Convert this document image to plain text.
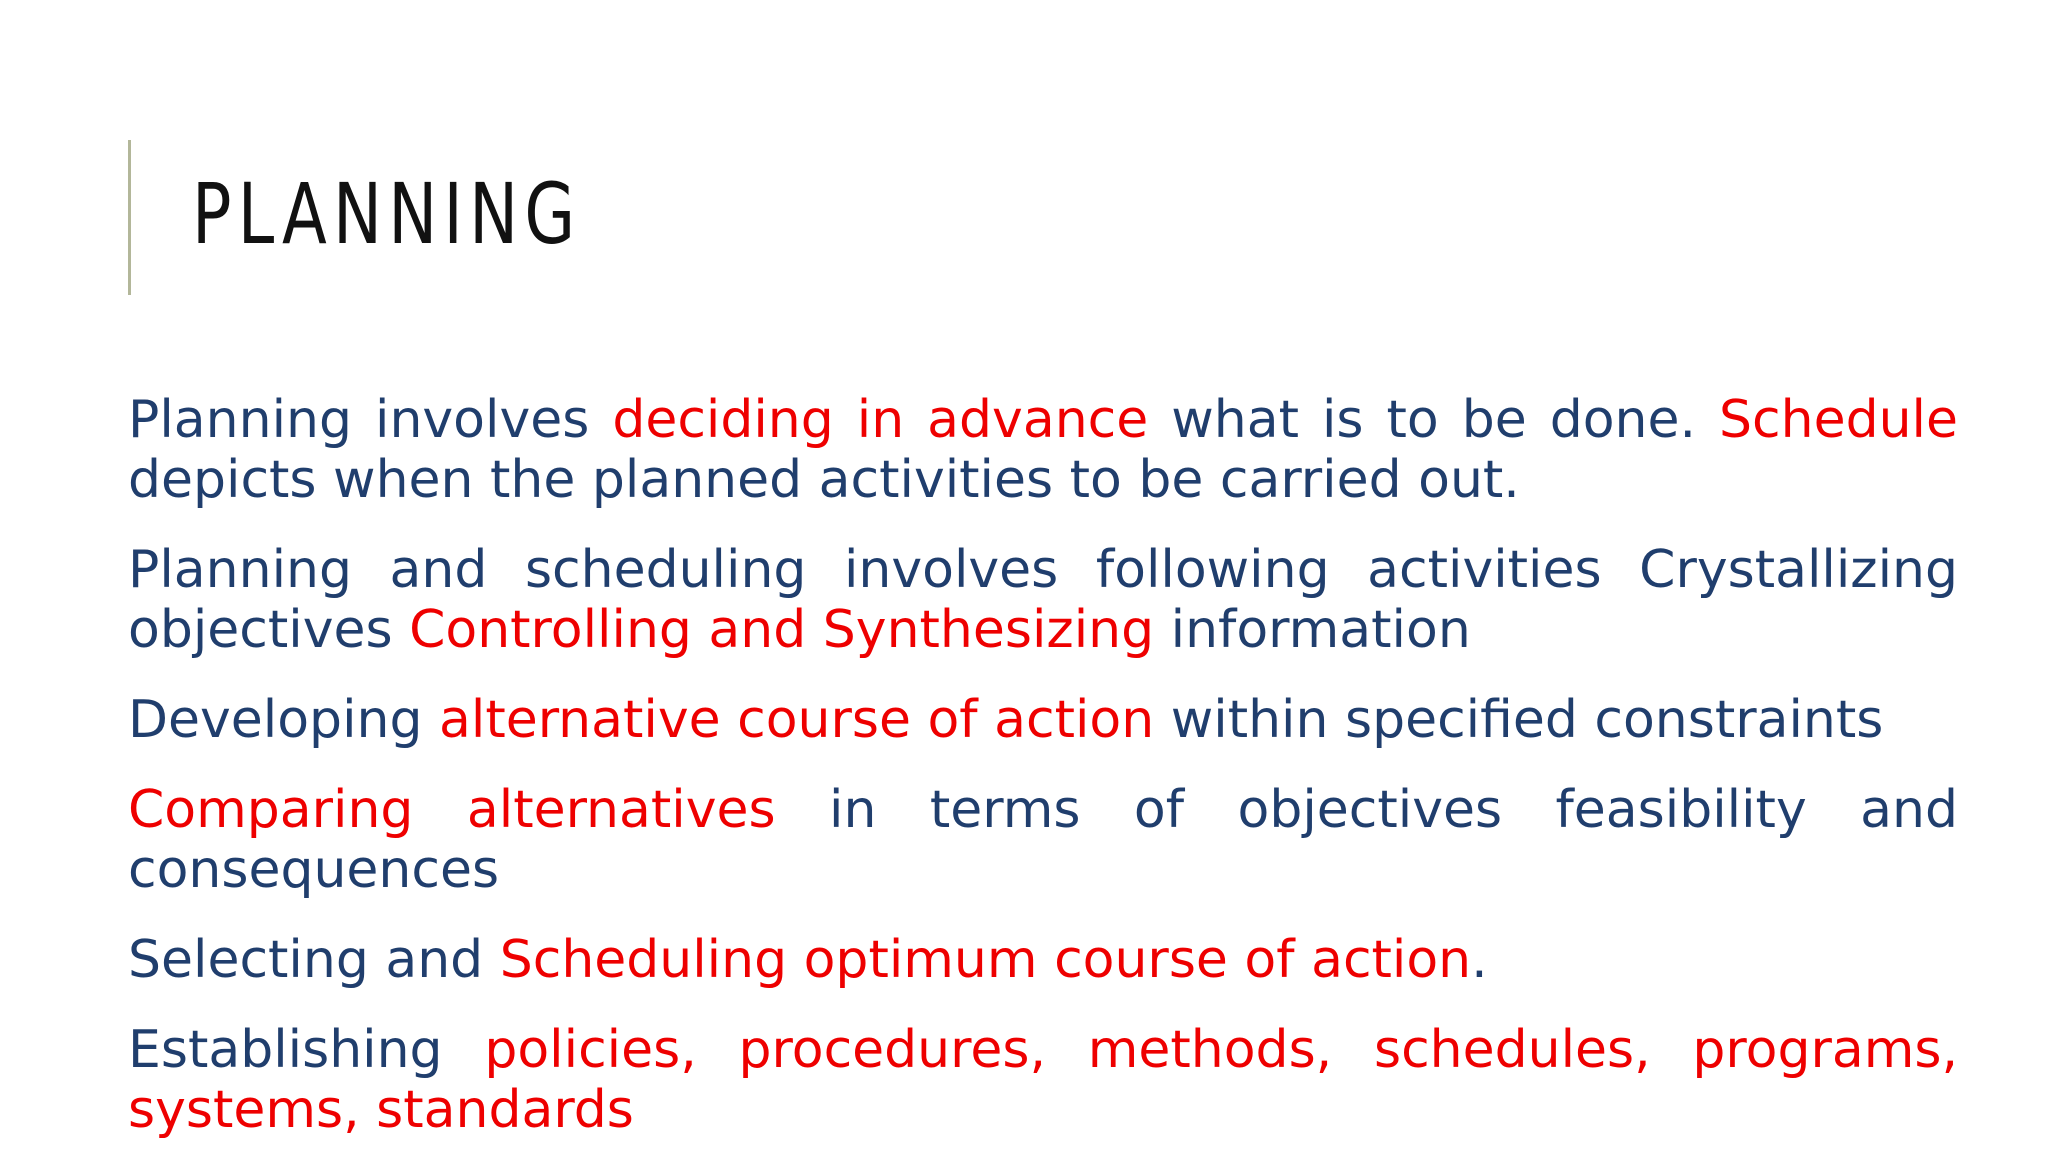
PLANNING

Planning involves deciding in advance what is to be done. Schedule depicts when the planned activities to be carried out.

Planning and scheduling involves following activities Crystallizing objectives Controlling and Synthesizing information

Developing alternative course of action within specified constraints

Comparing alternatives in terms of objectives feasibility and consequences

Selecting and Scheduling optimum course of action.

Establishing policies, procedures, methods, schedules, programs, systems, standards
